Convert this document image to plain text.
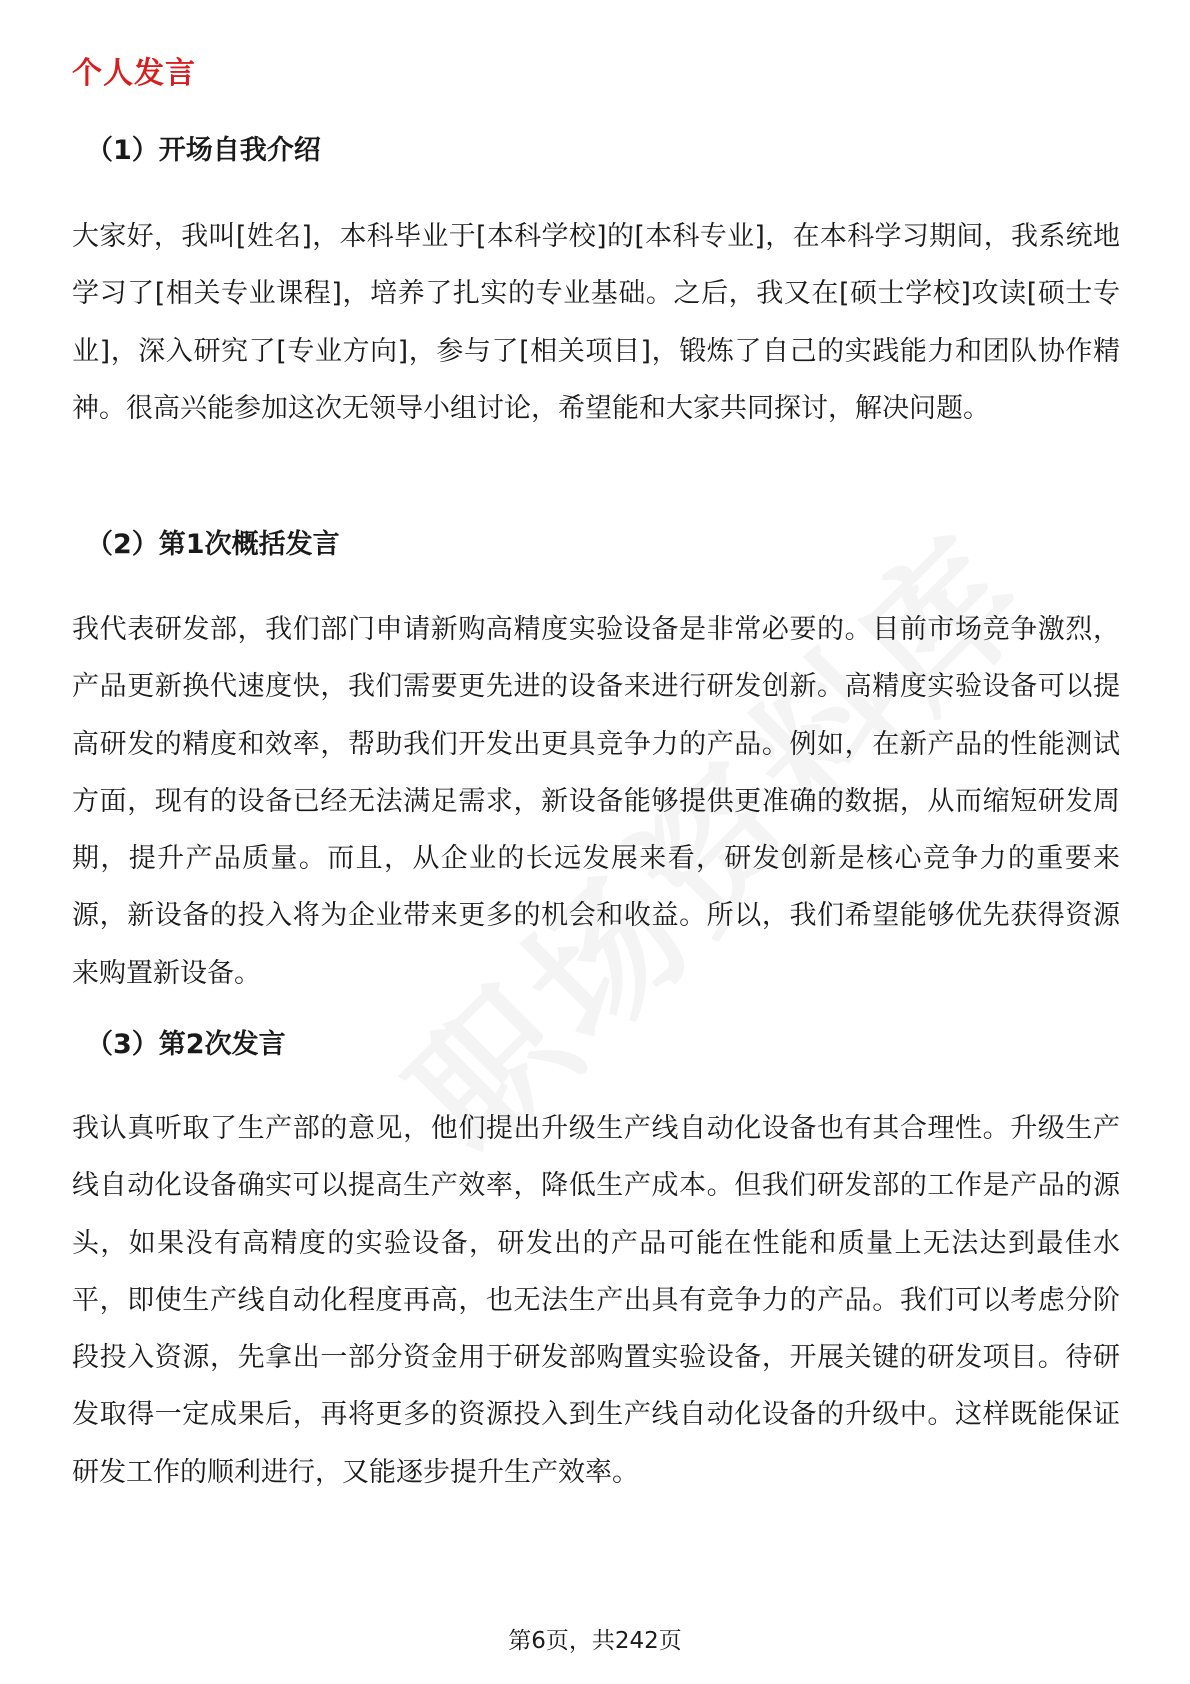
个人发言
（1）开场自我介绍

大家好，我叫[姓名]，本科毕业于[本科学校]的[本科专业]，在本科学习期间，我系统地学习了[相关专业课程]，培养了扎实的专业基础。之后，我又在[硕士学校]攻读[硕士专业]，深入研究了[专业方向]，参与了[相关项目]，锻炼了自己的实践能力和团队协作精神。很高兴能参加这次无领导小组讨论，希望能和大家共同探讨，解决问题。

（2）第1次概括发言

我代表研发部，我们部门申请新购高精度实验设备是非常必要的。目前市场竞争激烈，产品更新换代速度快，我们需要更先进的设备来进行研发创新。高精度实验设备可以提高研发的精度和效率，帮助我们开发出更具竞争力的产品。例如，在新产品的性能测试方面，现有的设备已经无法满足需求，新设备能够提供更准确的数据，从而缩短研发周期，提升产品质量。而且，从企业的长远发展来看，研发创新是核心竞争力的重要来源，新设备的投入将为企业带来更多的机会和收益。所以，我们希望能够优先获得资源来购置新设备。

（3）第2次发言

我认真听取了生产部的意见，他们提出升级生产线自动化设备也有其合理性。升级生产线自动化设备确实可以提高生产效率，降低生产成本。但我们研发部的工作是产品的源头，如果没有高精度的实验设备，研发出的产品可能在性能和质量上无法达到最佳水平，即使生产线自动化程度再高，也无法生产出具有竞争力的产品。我们可以考虑分阶段投入资源，先拿出一部分资金用于研发部购置实验设备，开展关键的研发项目。待研发取得一定成果后，再将更多的资源投入到生产线自动化设备的升级中。这样既能保证研发工作的顺利进行，又能逐步提升生产效率。

第6页，共242页
